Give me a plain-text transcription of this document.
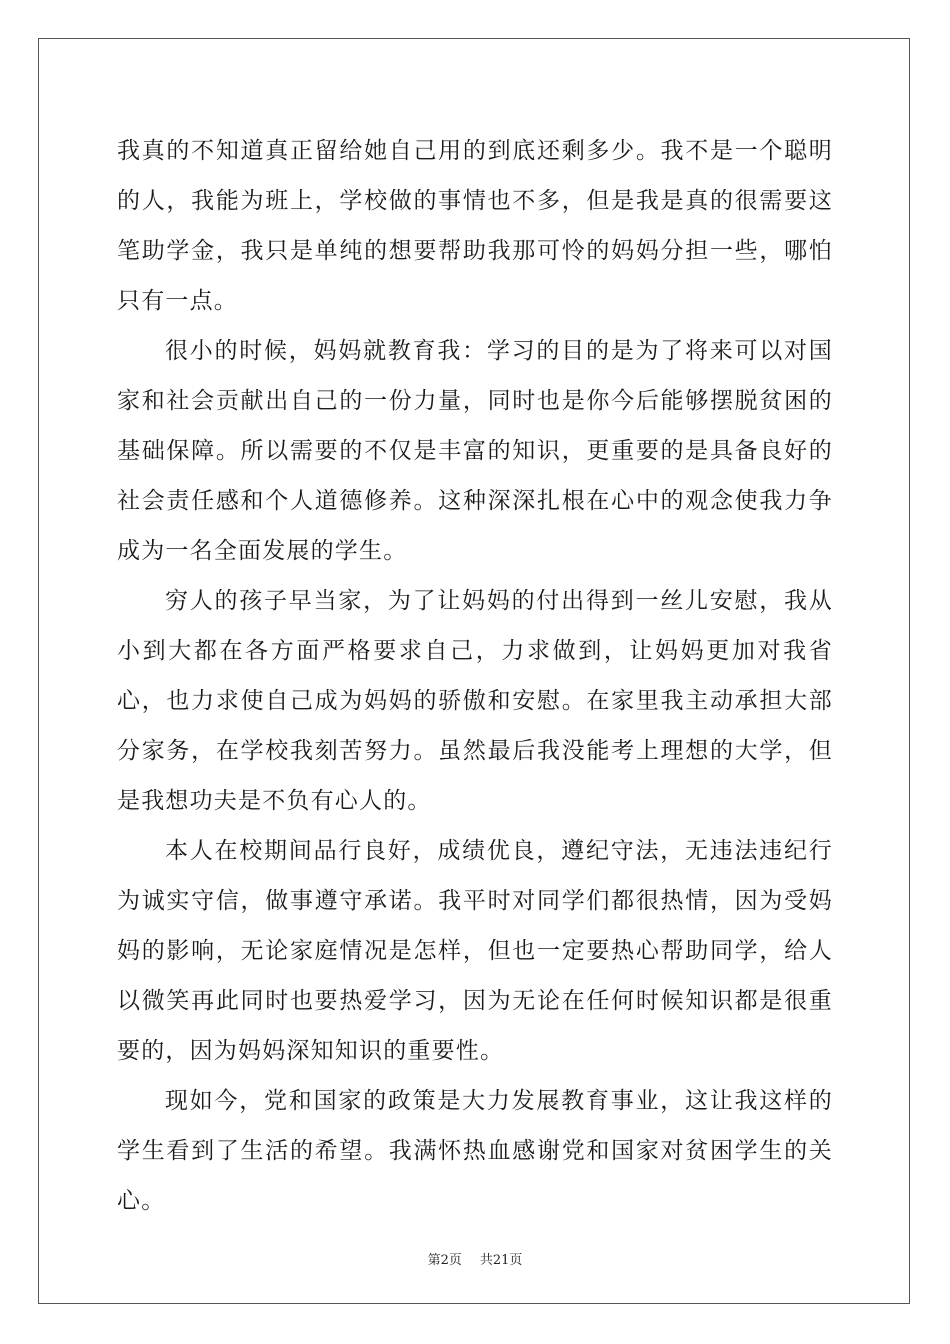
我真的不知道真正留给她自己用的到底还剩多少。我不是一个聪明的人，我能为班上，学校做的事情也不多，但是我是真的很需要这笔助学金，我只是单纯的想要帮助我那可怜的妈妈分担一些，哪怕只有一点。

很小的时候，妈妈就教育我：学习的目的是为了将来可以对国家和社会贡献出自己的一份力量，同时也是你今后能够摆脱贫困的基础保障。所以需要的不仅是丰富的知识，更重要的是具备良好的社会责任感和个人道德修养。这种深深扎根在心中的观念使我力争成为一名全面发展的学生。

穷人的孩子早当家，为了让妈妈的付出得到一丝儿安慰，我从小到大都在各方面严格要求自己，力求做到，让妈妈更加对我省心，也力求使自己成为妈妈的骄傲和安慰。在家里我主动承担大部分家务，在学校我刻苦努力。虽然最后我没能考上理想的大学，但是我想功夫是不负有心人的。

本人在校期间品行良好，成绩优良，遵纪守法，无违法违纪行为诚实守信，做事遵守承诺。我平时对同学们都很热情，因为受妈妈的影响，无论家庭情况是怎样，但也一定要热心帮助同学，给人以微笑再此同时也要热爱学习，因为无论在任何时候知识都是很重要的，因为妈妈深知知识的重要性。

现如今，党和国家的政策是大力发展教育事业，这让我这样的学生看到了生活的希望。我满怀热血感谢党和国家对贫困学生的关心。

第2页 共21页
